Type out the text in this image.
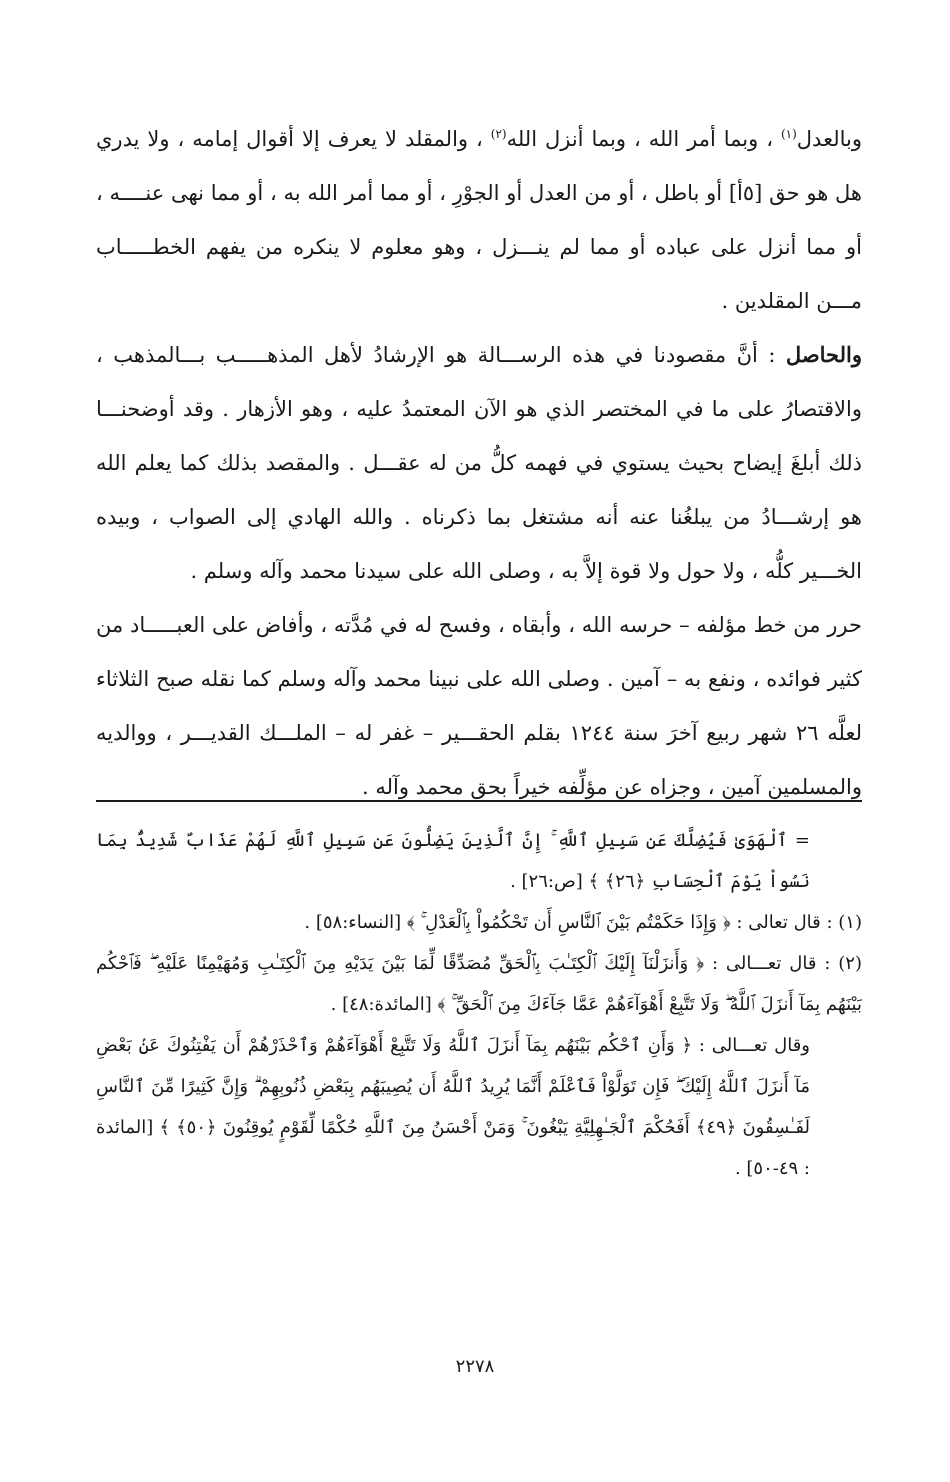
وبالعدل$^{(١)}$ ، وبما أمر الله ، وبما أنزل الله$^{(٢)}$ ، والمقلد لا يعرف إلا أقوال إمامه ، ولا يدري هل هو حق [٥أ] أو باطل ، أو من العدل أو الجوْرِ ، أو مما أمر الله به ، أو مما نهى عنــــه ، أو مما أنزل على عباده أو مما لم ينـــزل ، وهو معلوم لا ينكره من يفهم الخطـــــاب مـــن المقلدين .

والحاصل : أنَّ مقصودنا في هذه الرســـالة هو الإرشادُ لأهل المذهـــــب بـــالمذهب ، والاقتصارُ على ما في المختصر الذي هو الآن المعتمدُ عليه ، وهو الأزهار . وقد أوضحنـــا ذلك أبلغَ إيضاح بحيث يستوي في فهمه كلُّ من له عقـــل . والمقصد بذلك كما يعلم الله هو إرشـــادُ من يبلغُنا عنه أنه مشتغل بما ذكرناه . والله الهادي إلى الصواب ، وبيده الخـــير كلُّه ، ولا حول ولا قوة إلاَّ به ، وصلى الله على سيدنا محمد وآله وسلم .

حرر من خط مؤلفه – حرسه الله ، وأبقاه ، وفسح له في مُدَّته ، وأفاض على العبـــــاد من كثير فوائده ، ونفع به – آمين . وصلى الله على نبينا محمد وآله وسلم كما نقله صبح الثلاثاء لعلَّه ٢٦ شهر ربيع آخرَ سنة ١٢٤٤ بقلم الحقـــير – غفر له – الملـــك القديـــر ، ووالديه والمسلمين آمين ، وجزاه عن مؤلِّفه خيراً بحق محمد وآله .

= ٱلْهَوَىٰ فَيُضِلَّكَ عَن سَبِيلِ ٱللَّهِ ۚ إِنَّ ٱلَّذِينَ يَضِلُّونَ عَن سَبِيلِ ٱللَّهِ لَهُمْ عَذَابٌ شَدِيدٌۢ بِمَا نَسُواْ يَوْمَ ٱلْحِسَابِ ﴿٢٦﴾ ﴾ [ص:٢٦] .

(١) : قال تعالى : ﴿ وَإِذَا حَكَمْتُم بَيْنَ ٱلنَّاسِ أَن تَحْكُمُواْ بِٱلْعَدْلِ ۚ ﴾ [النساء:٥٨] .

(٢) : قال تعـــالى : ﴿ وَأَنزَلْنَآ إِلَيْكَ ٱلْكِتَـٰبَ بِٱلْحَقِّ مُصَدِّقًا لِّمَا بَيْنَ يَدَيْهِ مِنَ ٱلْكِتَـٰبِ وَمُهَيْمِنًا عَلَيْهِ ۖ فَٱحْكُم بَيْنَهُم بِمَآ أَنزَلَ ٱللَّهُ ۖ وَلَا تَتَّبِعْ أَهْوَآءَهُمْ عَمَّا جَآءَكَ مِنَ ٱلْحَقِّ ۚ ﴾ [المائدة:٤٨] .

وقال تعـــالى : ﴿ وَأَنِ ٱحْكُم بَيْنَهُم بِمَآ أَنزَلَ ٱللَّهُ وَلَا تَتَّبِعْ أَهْوَآءَهُمْ وَٱحْذَرْهُمْ أَن يَفْتِنُوكَ عَنۢ بَعْضِ مَآ أَنزَلَ ٱللَّهُ إِلَيْكَ ۖ فَإِن تَوَلَّوْاْ فَٱعْلَمْ أَنَّمَا يُرِيدُ ٱللَّهُ أَن يُصِيبَهُم بِبَعْضِ ذُنُوبِهِمْ ۗ وَإِنَّ كَثِيرًا مِّنَ ٱلنَّاسِ لَفَـٰسِقُونَ ﴿٤٩﴾ أَفَحُكْمَ ٱلْجَـٰهِلِيَّةِ يَبْغُونَ ۚ وَمَنْ أَحْسَنُ مِنَ ٱللَّهِ حُكْمًا لِّقَوْمٍ يُوقِنُونَ ﴿٥٠﴾ ﴾ [المائدة : ٤٩-٥٠] .

٢٢٧٨
